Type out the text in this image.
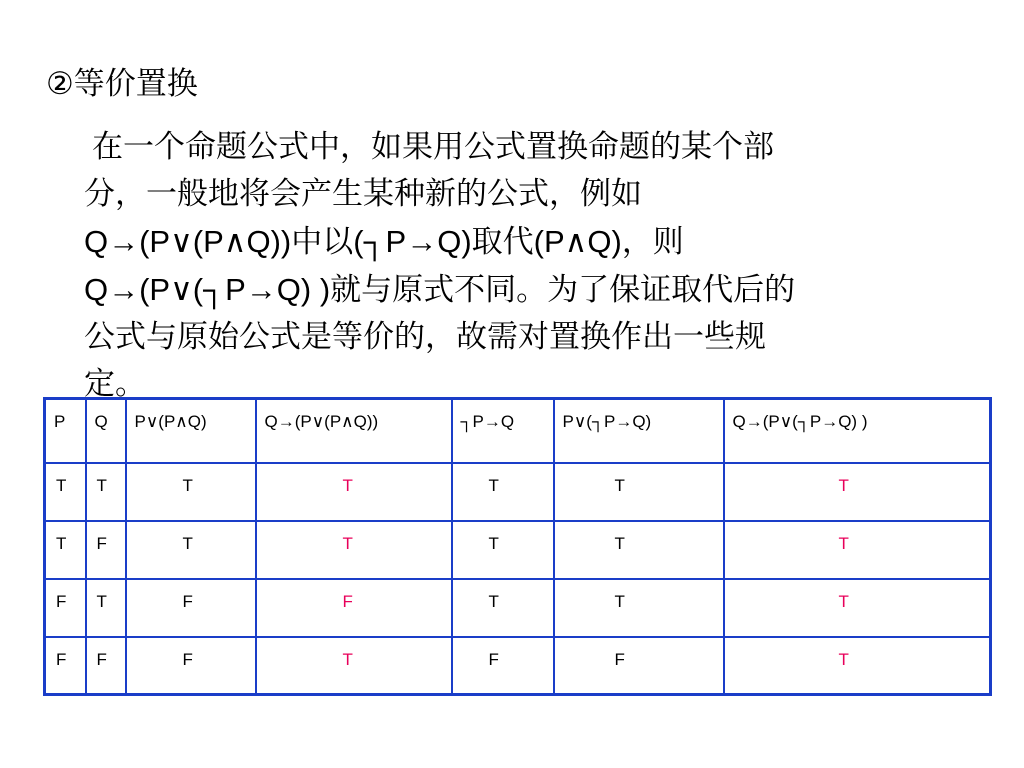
②等价置换
在一个命题公式中，如果用公式置换命题的某个部
分，一般地将会产生某种新的公式，例如
Q→(P∨(P∧Q))中以(┐P→Q)取代(P∧Q)，则
Q→(P∨(┐P→Q) )就与原式不同。为了保证取代后的
公式与原始公式是等价的，故需对置换作出一些规
定。
P	Q	P∨(P∧Q)	Q→(P∨(P∧Q))	┐P→Q	P∨(┐P→Q)	Q→(P∨(┐P→Q) )
T	T	T	T	T	T	T
T	F	T	T	T	T	T
F	T	F	F	T	T	T
F	F	F	T	F	F	T
